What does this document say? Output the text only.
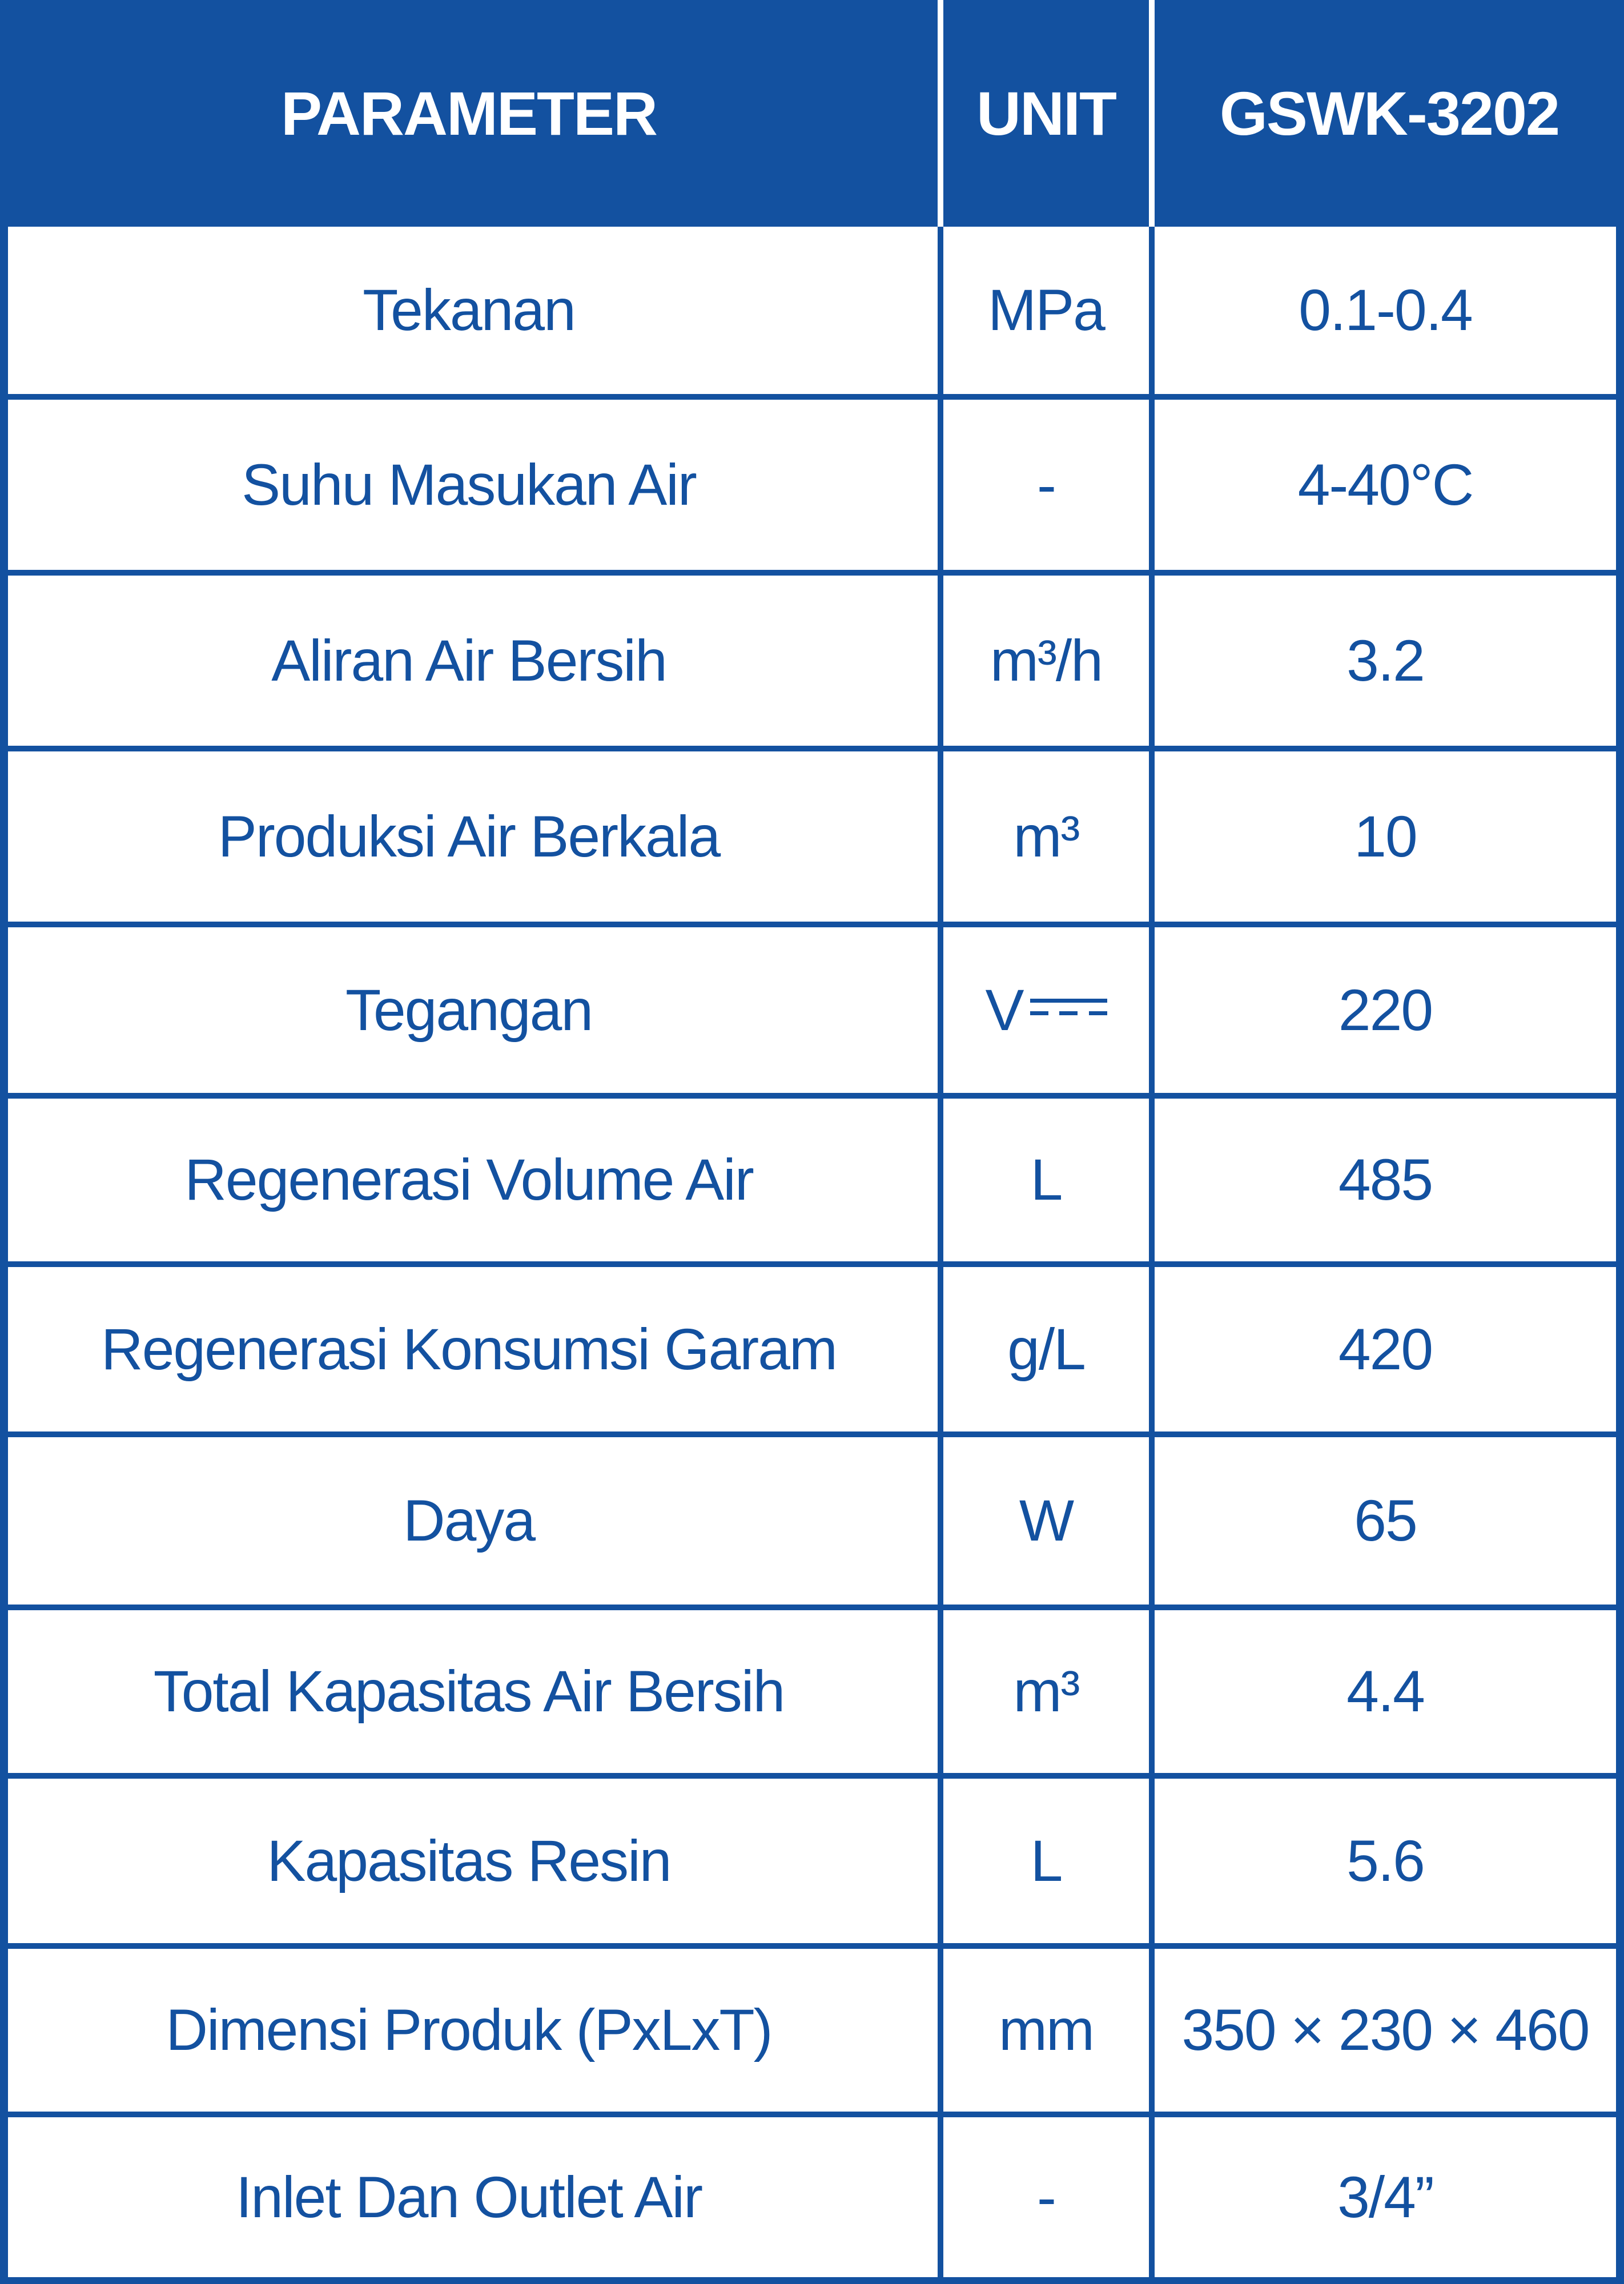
PARAMETER	UNIT	GSWK-3202
Tekanan	MPa	0.1-0.4
Suhu Masukan Air	-	4-40°C
Aliran Air Bersih	m³/h	3.2
Produksi Air Berkala	m³	10
Tegangan	V	220
Regenerasi Volume Air	L	485
Regenerasi Konsumsi Garam	g/L	420
Daya	W	65
Total Kapasitas Air Bersih	m³	4.4
Kapasitas Resin	L	5.6
Dimensi Produk (PxLxT)	mm	350 × 230 × 460
Inlet Dan Outlet Air	-	3/4”
